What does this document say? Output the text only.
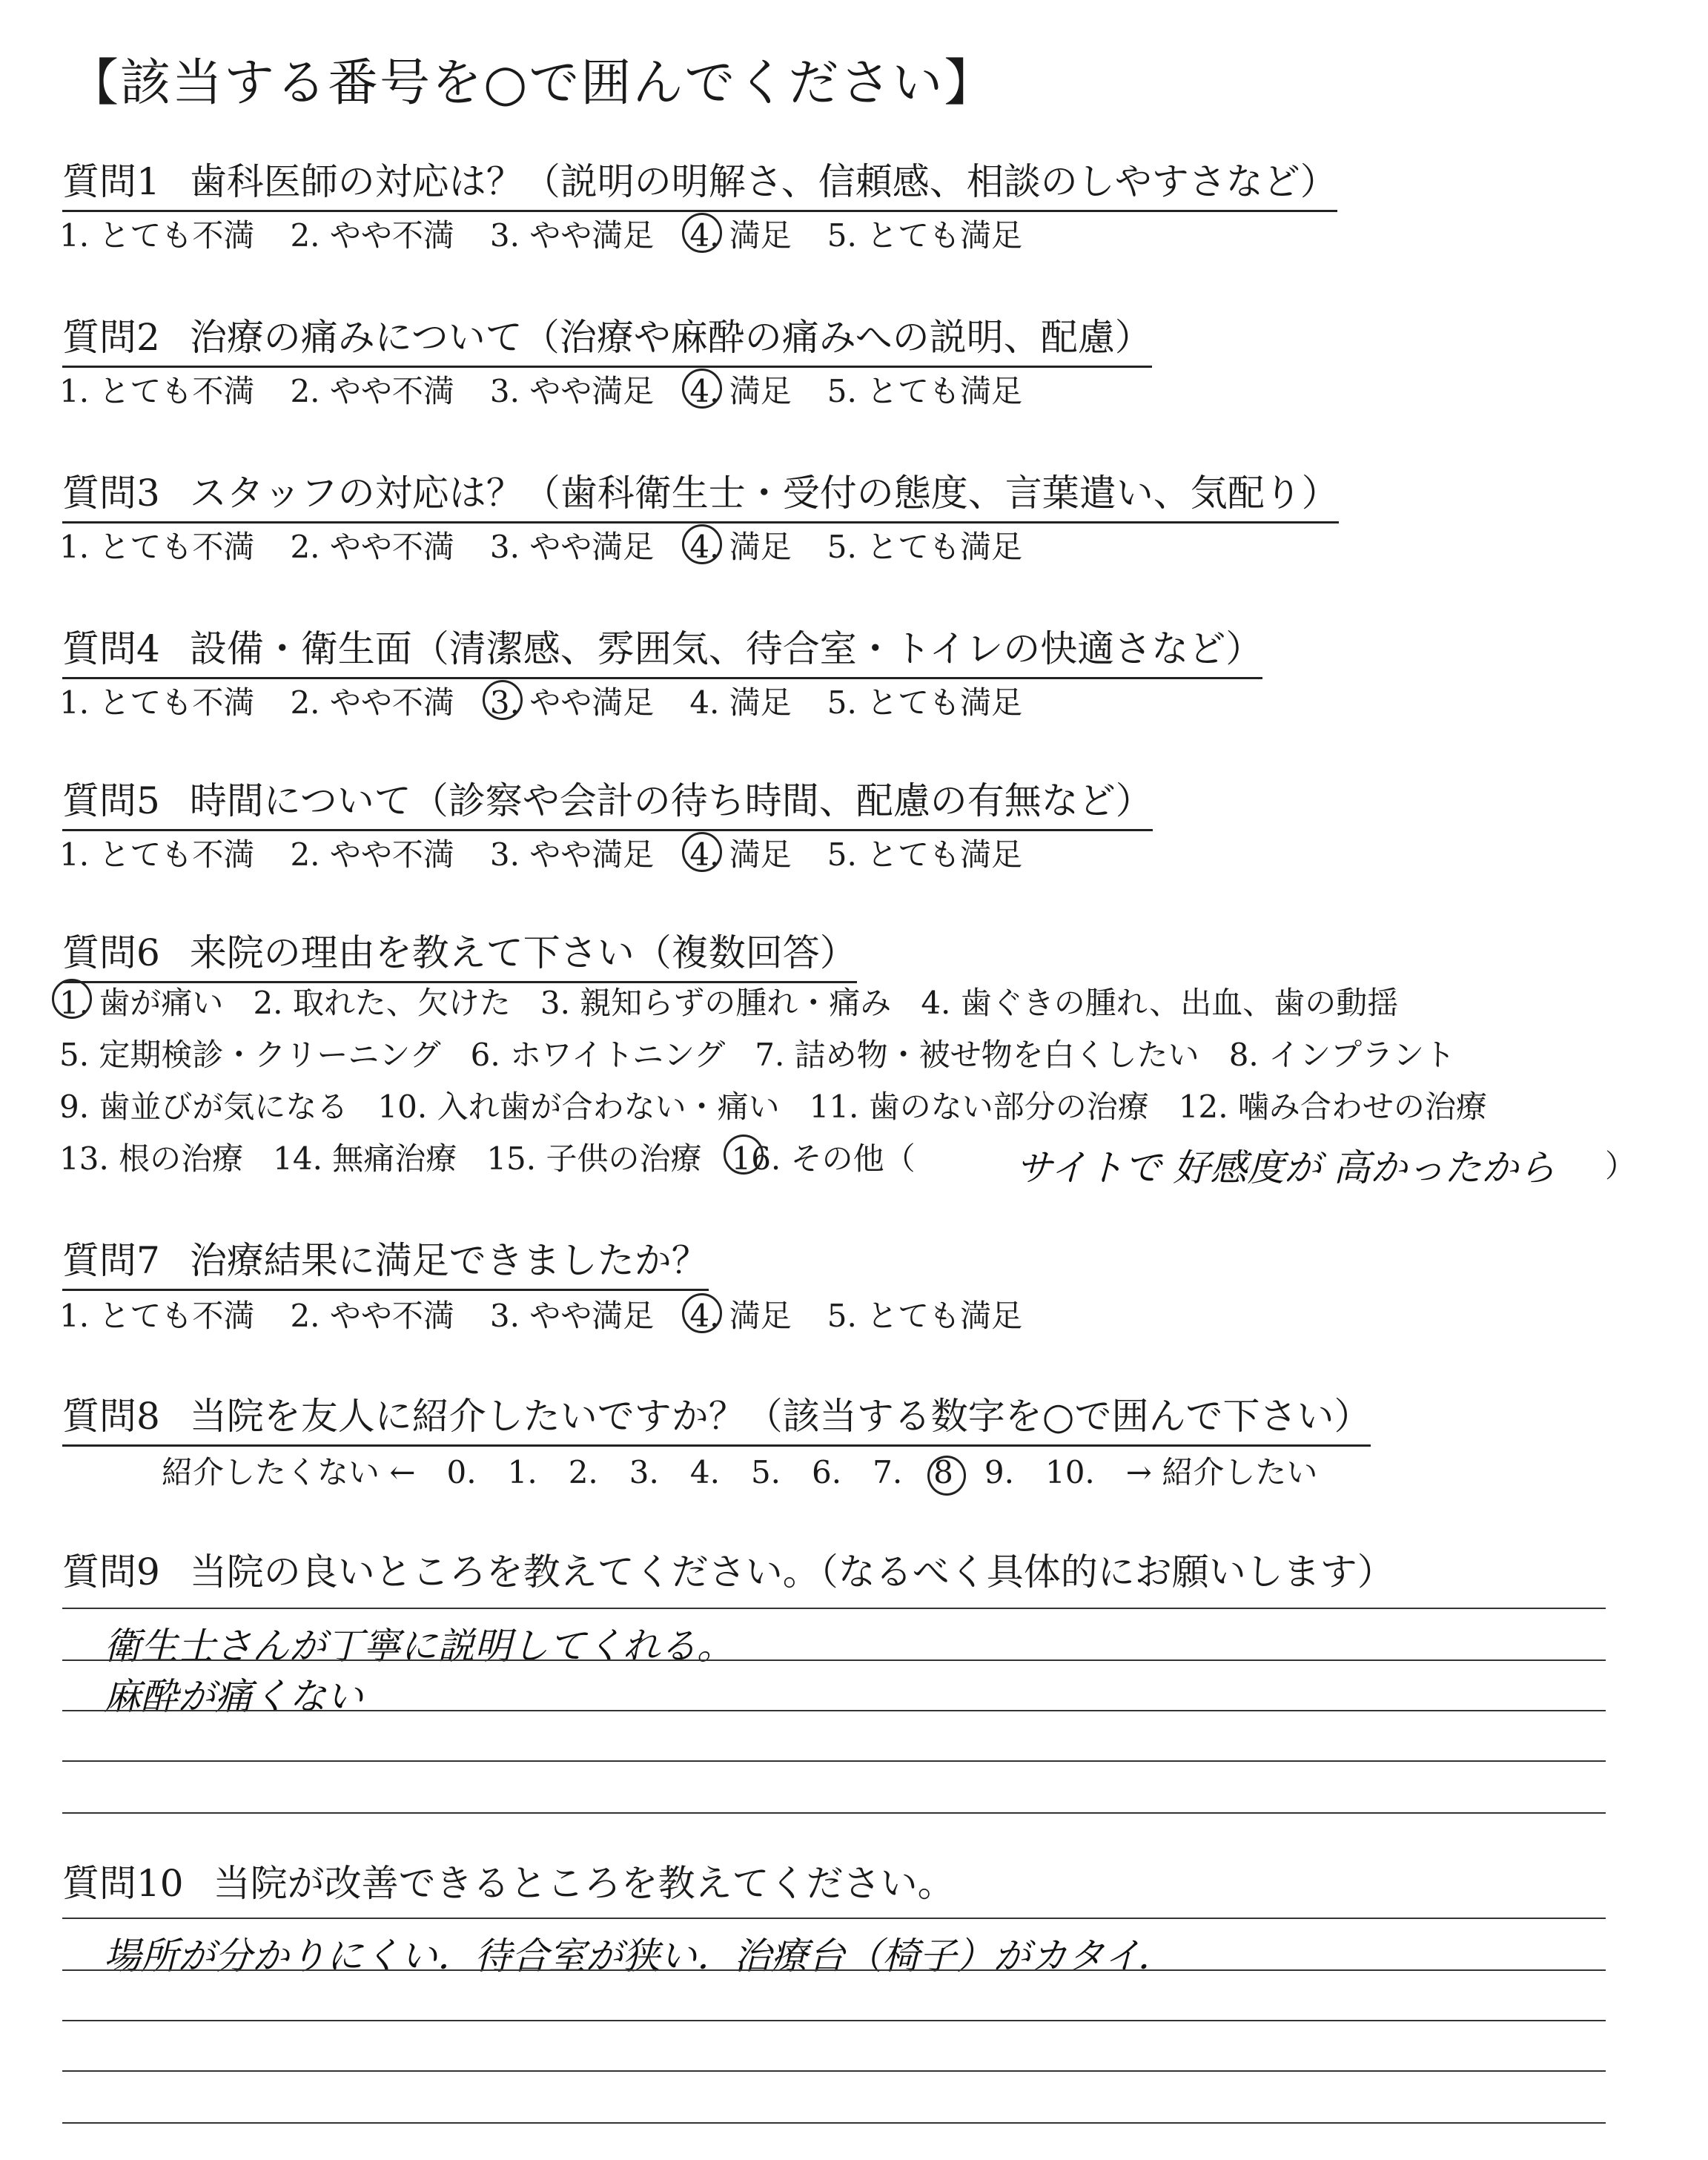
【該当する番号を○で囲んでください】
質問1 歯科医師の対応は？（説明の明解さ、信頼感、相談のしやすさなど）
1. とても不満 2. やや不満 3. やや満足 4. 満足 5. とても満足
質問2 治療の痛みについて（治療や麻酔の痛みへの説明、配慮）
1. とても不満 2. やや不満 3. やや満足 4. 満足 5. とても満足
質問3 スタッフの対応は？（歯科衛生士・受付の態度、言葉遣い、気配り）
1. とても不満 2. やや不満 3. やや満足 4. 満足 5. とても満足
質問4 設備・衛生面（清潔感、雰囲気、待合室・トイレの快適さなど）
1. とても不満 2. やや不満 3. やや満足 4. 満足 5. とても満足
質問5 時間について（診察や会計の待ち時間、配慮の有無など）
1. とても不満 2. やや不満 3. やや満足 4. 満足 5. とても満足
質問6 来院の理由を教えて下さい（複数回答）
1. 歯が痛い 2. 取れた、欠けた 3. 親知らずの腫れ・痛み 4. 歯ぐきの腫れ、出血、歯の動揺
5. 定期検診・クリーニング 6. ホワイトニング 7. 詰め物・被せ物を白くしたい 8. インプラント
9. 歯並びが気になる 10. 入れ歯が合わない・痛い 11. 歯のない部分の治療 12. 噛み合わせの治療
13. 根の治療 14. 無痛治療 15. 子供の治療 16. その他（	サイトで 好感度が 高かったから ）
質問7 治療結果に満足できましたか？
1. とても不満 2. やや不満 3. やや満足 4. 満足 5. とても満足
質問8 当院を友人に紹介したいですか？（該当する数字を○で囲んで下さい）
紹介したくない ← 0. 1. 2. 3. 4. 5. 6. 7. 8 9. 10. → 紹介したい
質問9 当院の良いところを教えてください。（なるべく具体的にお願いします）
衛生士さんが丁寧に説明してくれる。
麻酔が痛くない
質問10 当院が改善できるところを教えてください。
場所が分かりにくい．待合室が狭い．治療台（椅子）がカタイ．
